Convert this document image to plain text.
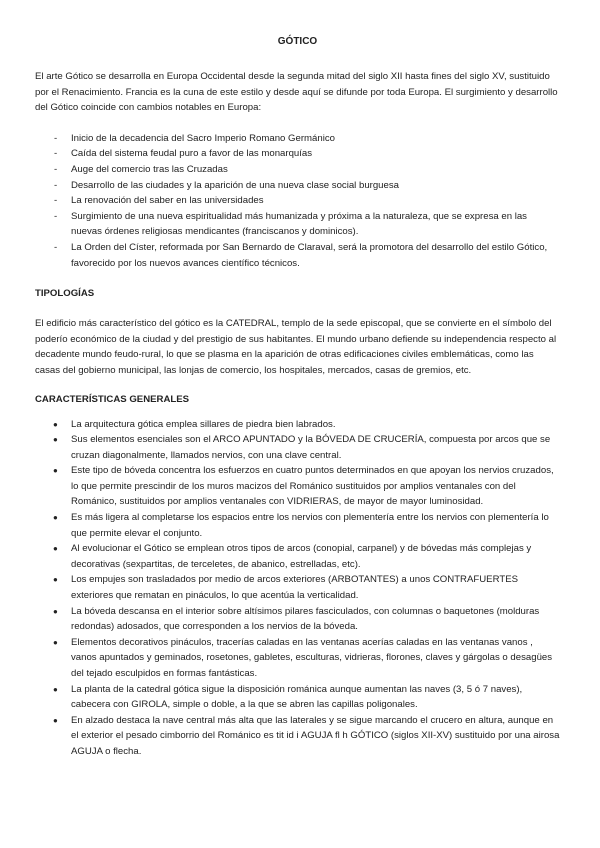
GÓTICO

El arte Gótico se desarrolla en Europa Occidental desde la segunda mitad del siglo XII hasta fines del siglo XV, sustituido por el Renacimiento. Francia es la cuna de este estilo y desde aquí se difunde por toda Europa. El surgimiento y desarrollo del Gótico coincide con cambios notables en Europa:

- Inicio de la decadencia del Sacro Imperio Romano Germánico
- Caída del sistema feudal puro a favor de las monarquías
- Auge del comercio tras las Cruzadas
- Desarrollo de las ciudades y la aparición de una nueva clase social burguesa
- La renovación del saber en las universidades
- Surgimiento de una nueva espiritualidad más humanizada y próxima a la naturaleza, que se expresa en las nuevas órdenes religiosas mendicantes (franciscanos y dominicos).
- La Orden del Císter, reformada por San Bernardo de Claraval, será la promotora del desarrollo del estilo Gótico, favorecido por los nuevos avances científico técnicos.
TIPOLOGÍAS

El edificio más característico del gótico es la CATEDRAL, templo de la sede episcopal, que se convierte en el símbolo del poderío económico de la ciudad y del prestigio de sus habitantes. El mundo urbano defiende su independencia respecto al decadente mundo feudo-rural, lo que se plasma en la aparición de otras edificaciones civiles emblemáticas, como las casas del gobierno municipal, las lonjas de comercio, los hospitales, mercados, casas de gremios, etc.

CARACTERÍSTICAS GENERALES
● La arquitectura gótica emplea sillares de piedra bien labrados.
● Sus elementos esenciales son el ARCO APUNTADO y la BÓVEDA DE CRUCERÍA, compuesta por arcos que se cruzan diagonalmente, llamados nervios, con una clave central.
● Este tipo de bóveda concentra los esfuerzos en cuatro puntos determinados en que apoyan los nervios cruzados, lo que permite prescindir de los muros macizos del Románico sustituidos por amplios ventanales con del Románico, sustituidos por amplios ventanales con VIDRIERAS, de mayor de mayor luminosidad.
● Es más ligera al completarse los espacios entre los nervios con plementería entre los nervios con plementería lo que permite elevar el conjunto.
● Al evolucionar el Gótico se emplean otros tipos de arcos (conopial, carpanel) y de bóvedas más complejas y decorativas (sexpartitas, de terceletes, de abanico, estrelladas, etc).
● Los empujes son trasladados por medio de arcos exteriores (ARBOTANTES) a unos CONTRAFUERTES exteriores que rematan en pináculos, lo que acentúa la verticalidad.
● La bóveda descansa en el interior sobre altísimos pilares fasciculados, con columnas o baquetones (molduras redondas) adosados, que corresponden a los nervios de la bóveda.
● Elementos decorativos pináculos, tracerías caladas en las ventanas acerías caladas en las ventanas vanos , vanos apuntados y geminados, rosetones, gabletes, esculturas, vidrieras, florones, claves y gárgolas o desagües del tejado esculpidos en formas fantásticas.
● La planta de la catedral gótica sigue la disposición románica aunque aumentan las naves (3, 5 ó 7 naves), cabecera con GIROLA, simple o doble, a la que se abren las capillas poligonales.
● En alzado destaca la nave central más alta que las laterales y se sigue marcando el crucero en altura, aunque en el exterior el pesado cimborrio del Románico es tit id i AGUJA fl h GÓTICO (siglos XII-XV) sustituido por una airosa AGUJA o flecha.
